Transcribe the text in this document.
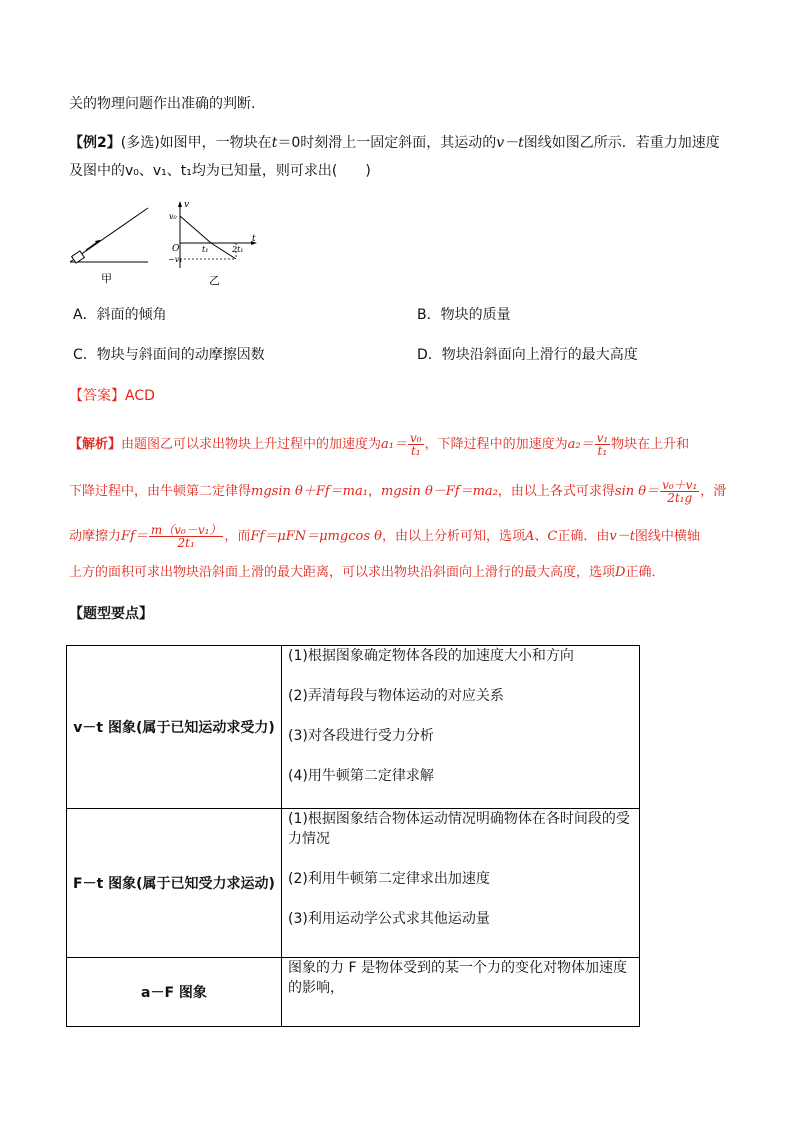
关的物理问题作出准确的判断．
【例2】(多选)如图甲，一物块在t＝0时刻滑上一固定斜面，其运动的v－t图线如图乙所示．若重力加速度
及图中的v₀、v₁、t₁均为已知量，则可求出(　　)
甲
v
t
v₀
O
−v₁
t₁	2t₁
乙
A．斜面的倾角	B．物块的质量
C．物块与斜面间的动摩擦因数	D．物块沿斜面向上滑行的最大高度
【答案】ACD
【解析】由题图乙可以求出物块上升过程中的加速度为$a_1= \frac{\text{v₀}}{\text{t₁}}$ ，下降过程中的加速度为$a_2= \frac{\text{v₁}}{\text{t₁}}$ 物块在上升和
下降过程中，由牛顿第二定律得mgsin θ＋Ff＝ma₁，mgsin θ－Ff＝ma₂，由以上各式可求得$\sin \theta= \frac{\text{v₀＋v₁}}{\text{2t₁g}}$ ，滑
动摩擦力$Ff= \frac{\text{m（v₀－v₁）}}{\text{2t₁}}$ ，而Ff＝μFN＝μmgcos θ，由以上分析可知，选项A、C正确．由v－t图线中横轴
上方的面积可求出物块沿斜面上滑的最大距离，可以求出物块沿斜面向上滑行的最大高度，选项D正确．
【题型要点】
v－t 图象(属于已知运动求受力)	(1)根据图象确定物体各段的加速度大小和方向
(2)弄清每段与物体运动的对应关系
(3)对各段进行受力分析
(4)用牛顿第二定律求解

F－t 图象(属于已知受力求运动)	(1)根据图象结合物体运动情况明确物体在各时间段的受力情况
(2)利用牛顿第二定律求出加速度
(3)利用运动学公式求其他运动量

a－F 图象	图象的力 F 是物体受到的某一个力的变化对物体加速度的影响，
